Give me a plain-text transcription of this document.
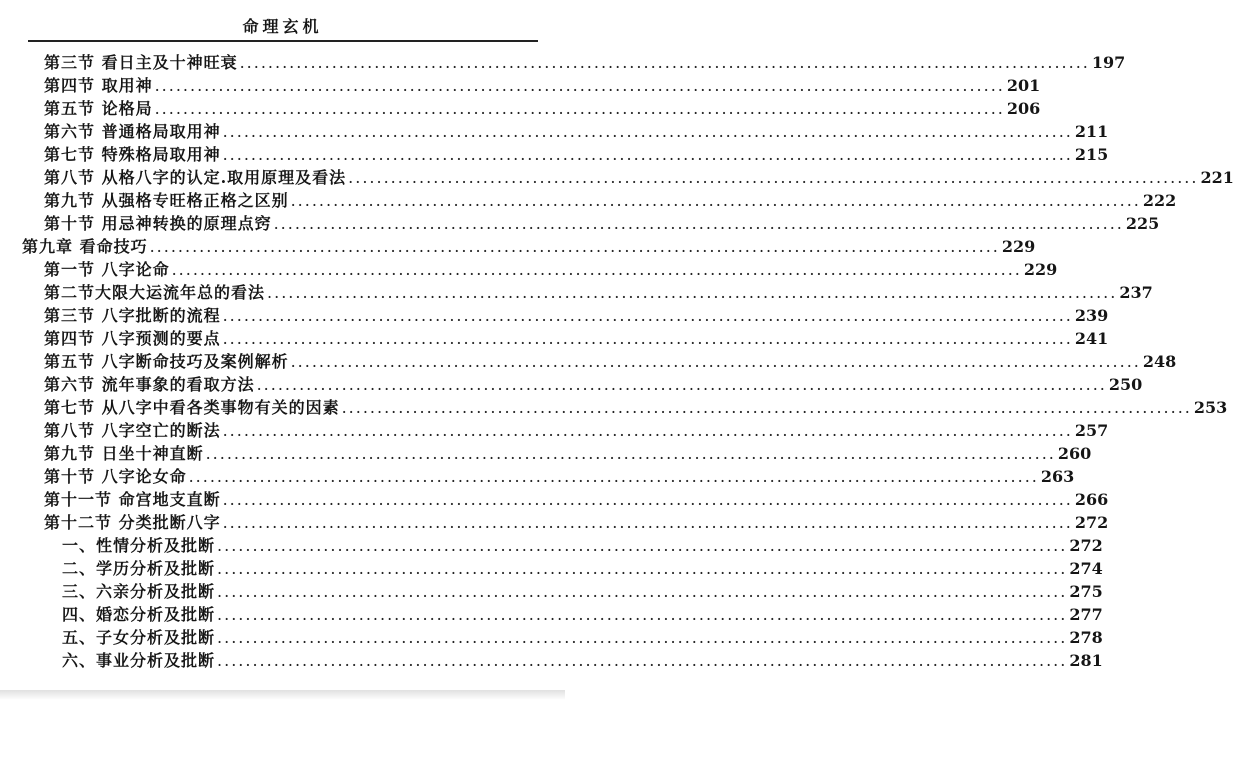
命理玄机
第三节 看日主及十神旺衰 ........................................................................................................................ 197
第四节 取用神 ........................................................................................................................ 201
第五节 论格局 ........................................................................................................................ 206
第六节 普通格局取用神 ........................................................................................................................ 211
第七节 特殊格局取用神 ........................................................................................................................ 215
第八节 从格八字的认定.取用原理及看法 ........................................................................................................................ 221
第九节 从强格专旺格正格之区别 ........................................................................................................................ 222
第十节 用忌神转换的原理点窍 ........................................................................................................................ 225
第九章 看命技巧 ........................................................................................................................ 229
第一节 八字论命 ........................................................................................................................ 229
第二节大限大运流年总的看法 ........................................................................................................................ 237
第三节 八字批断的流程 ........................................................................................................................ 239
第四节 八字预测的要点 ........................................................................................................................ 241
第五节 八字断命技巧及案例解析 ........................................................................................................................ 248
第六节 流年事象的看取方法 ........................................................................................................................ 250
第七节 从八字中看各类事物有关的因素 ........................................................................................................................ 253
第八节 八字空亡的断法 ........................................................................................................................ 257
第九节 日坐十神直断 ........................................................................................................................ 260
第十节 八字论女命 ........................................................................................................................ 263
第十一节 命宫地支直断 ........................................................................................................................ 266
第十二节 分类批断八字 ........................................................................................................................ 272
一、性情分析及批断 ........................................................................................................................ 272
二、学历分析及批断 ........................................................................................................................ 274
三、六亲分析及批断 ........................................................................................................................ 275
四、婚恋分析及批断 ........................................................................................................................ 277
五、子女分析及批断 ........................................................................................................................ 278
六、事业分析及批断 ........................................................................................................................ 281
